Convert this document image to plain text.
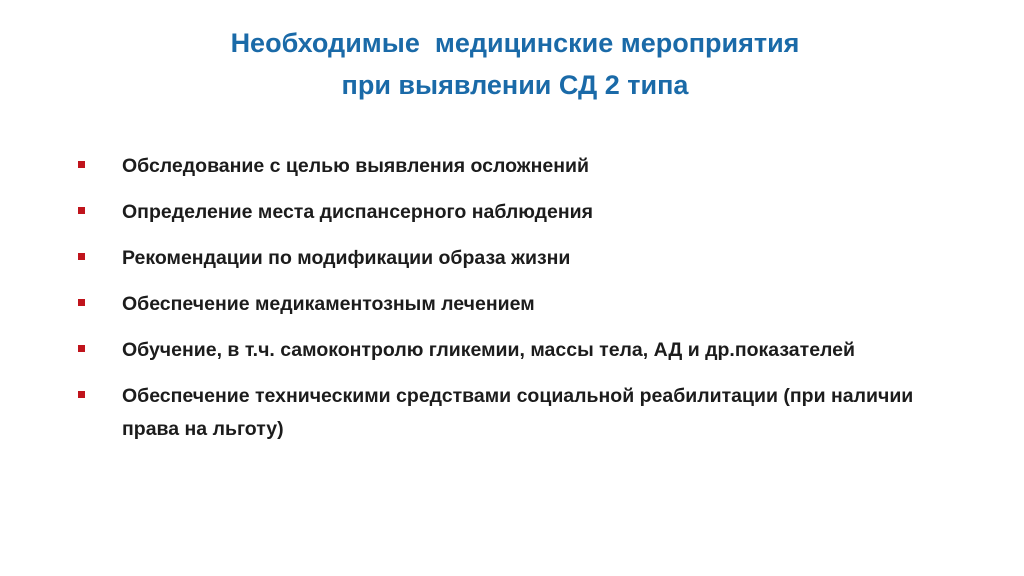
Необходимые  медицинские мероприятия
при выявлении СД 2 типа
Обследование с целью выявления осложнений
Определение места диспансерного наблюдения
Рекомендации по модификации образа жизни
Обеспечение медикаментозным лечением
Обучение, в т.ч. самоконтролю гликемии, массы тела, АД и др.показателей
Обеспечение техническими средствами социальной реабилитации (при наличии права на льготу)
